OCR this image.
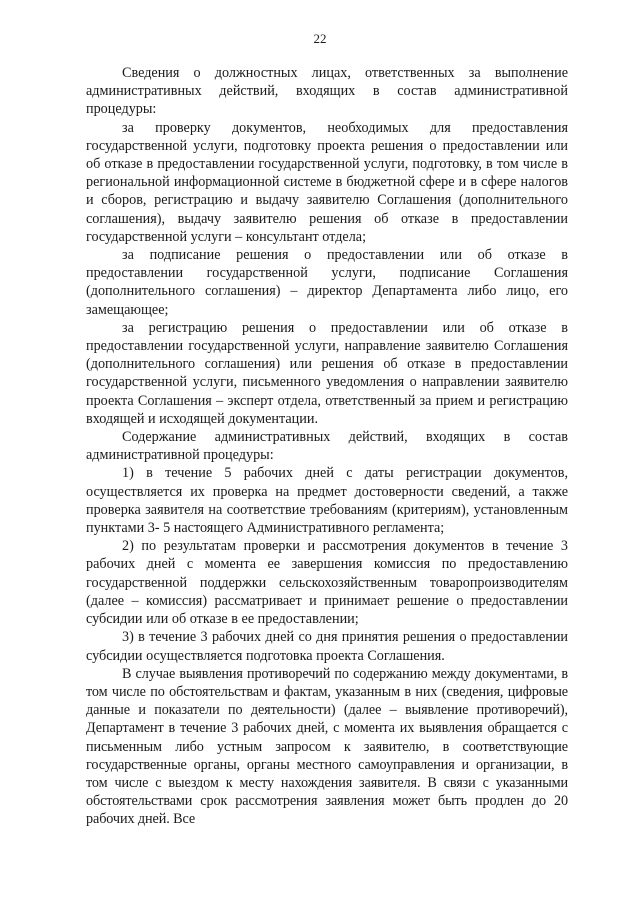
22

Сведения о должностных лицах, ответственных за выполнение административных действий, входящих в состав административной процедуры:

за проверку документов, необходимых для предоставления государственной услуги, подготовку проекта решения о предоставлении или об отказе в предоставлении государственной услуги, подготовку, в том числе в региональной информационной системе в бюджетной сфере и в сфере налогов и сборов, регистрацию и выдачу заявителю Соглашения (дополнительного соглашения), выдачу заявителю решения об отказе в предоставлении государственной услуги – консультант отдела;

за подписание решения о предоставлении или об отказе в предоставлении государственной услуги, подписание Соглашения (дополнительного соглашения) – директор Департамента либо лицо, его замещающее;

за регистрацию решения о предоставлении или об отказе в предоставлении государственной услуги, направление заявителю Соглашения (дополнительного соглашения) или решения об отказе в предоставлении государственной услуги, письменного уведомления о направлении заявителю проекта Соглашения – эксперт отдела, ответственный за прием и регистрацию входящей и исходящей документации.

Содержание административных действий, входящих в состав административной процедуры:

1) в течение 5 рабочих дней с даты регистрации документов, осуществляется их проверка на предмет достоверности сведений, а также проверка заявителя на соответствие требованиям (критериям), установленным пунктами 3- 5 настоящего Административного регламента;

2) по результатам проверки и рассмотрения документов в течение 3 рабочих дней с момента ее завершения комиссия по предоставлению государственной поддержки сельскохозяйственным товаропроизводителям (далее – комиссия) рассматривает и принимает решение о предоставлении субсидии или об отказе в ее предоставлении;

3) в течение 3 рабочих дней со дня принятия решения о предоставлении субсидии осуществляется подготовка проекта Соглашения.

В случае выявления противоречий по содержанию между документами, в том числе по обстоятельствам и фактам, указанным в них (сведения, цифровые данные и показатели по деятельности) (далее – выявление противоречий), Департамент в течение 3 рабочих дней, с момента их выявления обращается с письменным либо устным запросом к заявителю, в соответствующие государственные органы, органы местного самоуправления и организации, в том числе с выездом к месту нахождения заявителя. В связи с указанными обстоятельствами срок рассмотрения заявления может быть продлен до 20 рабочих дней. Все
